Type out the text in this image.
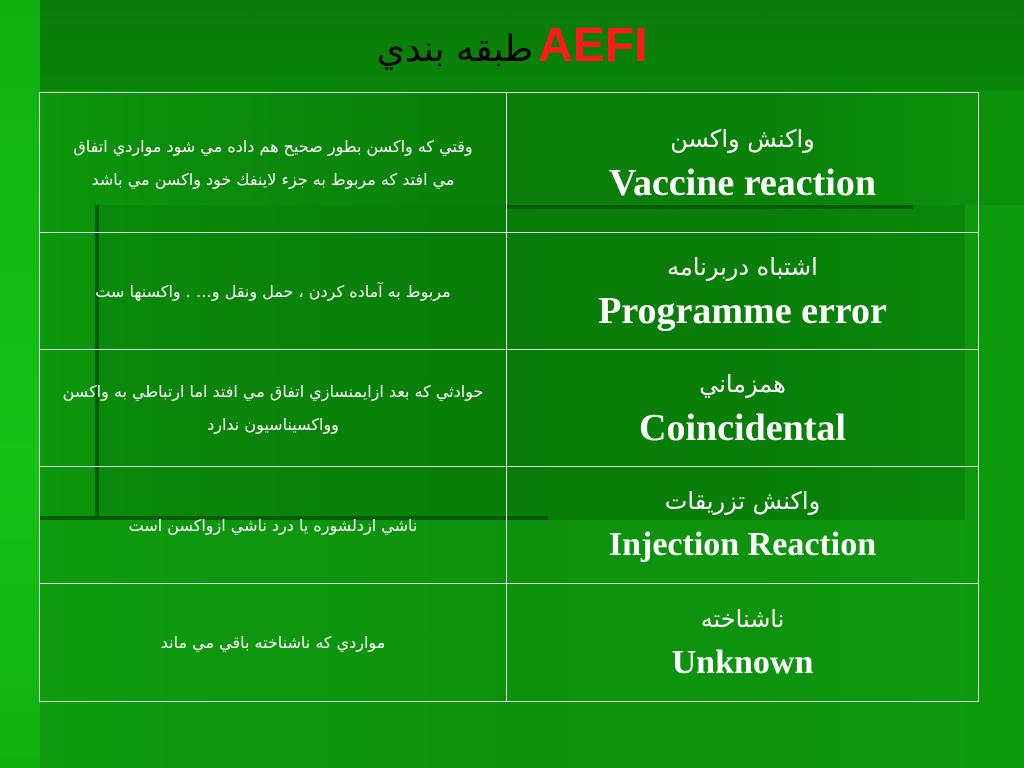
طبقه بندي AEFI
وقتي كه واكسن بطور صحيح هم داده مي شود مواردي اتفاق مي افتد كه مربوط به جزء لاينفك خود واكسن مي باشد	واكنش واكسن
Vaccine reaction

مربوط به آماده كردن ، حمل ونقل و… . واكسنها ست	اشتباه دربرنامه
Programme error

حوادثي كه بعد ازايمنسازي اتفاق مي افتد اما ارتباطي به واكسن وواكسيناسيون ندارد	همزماني
Coincidental

ناشي ازدلشوره يا درد ناشي ازواكسن است	واكنش تزريقات
Injection Reaction

مواردي كه ناشناخته باقي مي ماند	ناشناخته
Unknown
